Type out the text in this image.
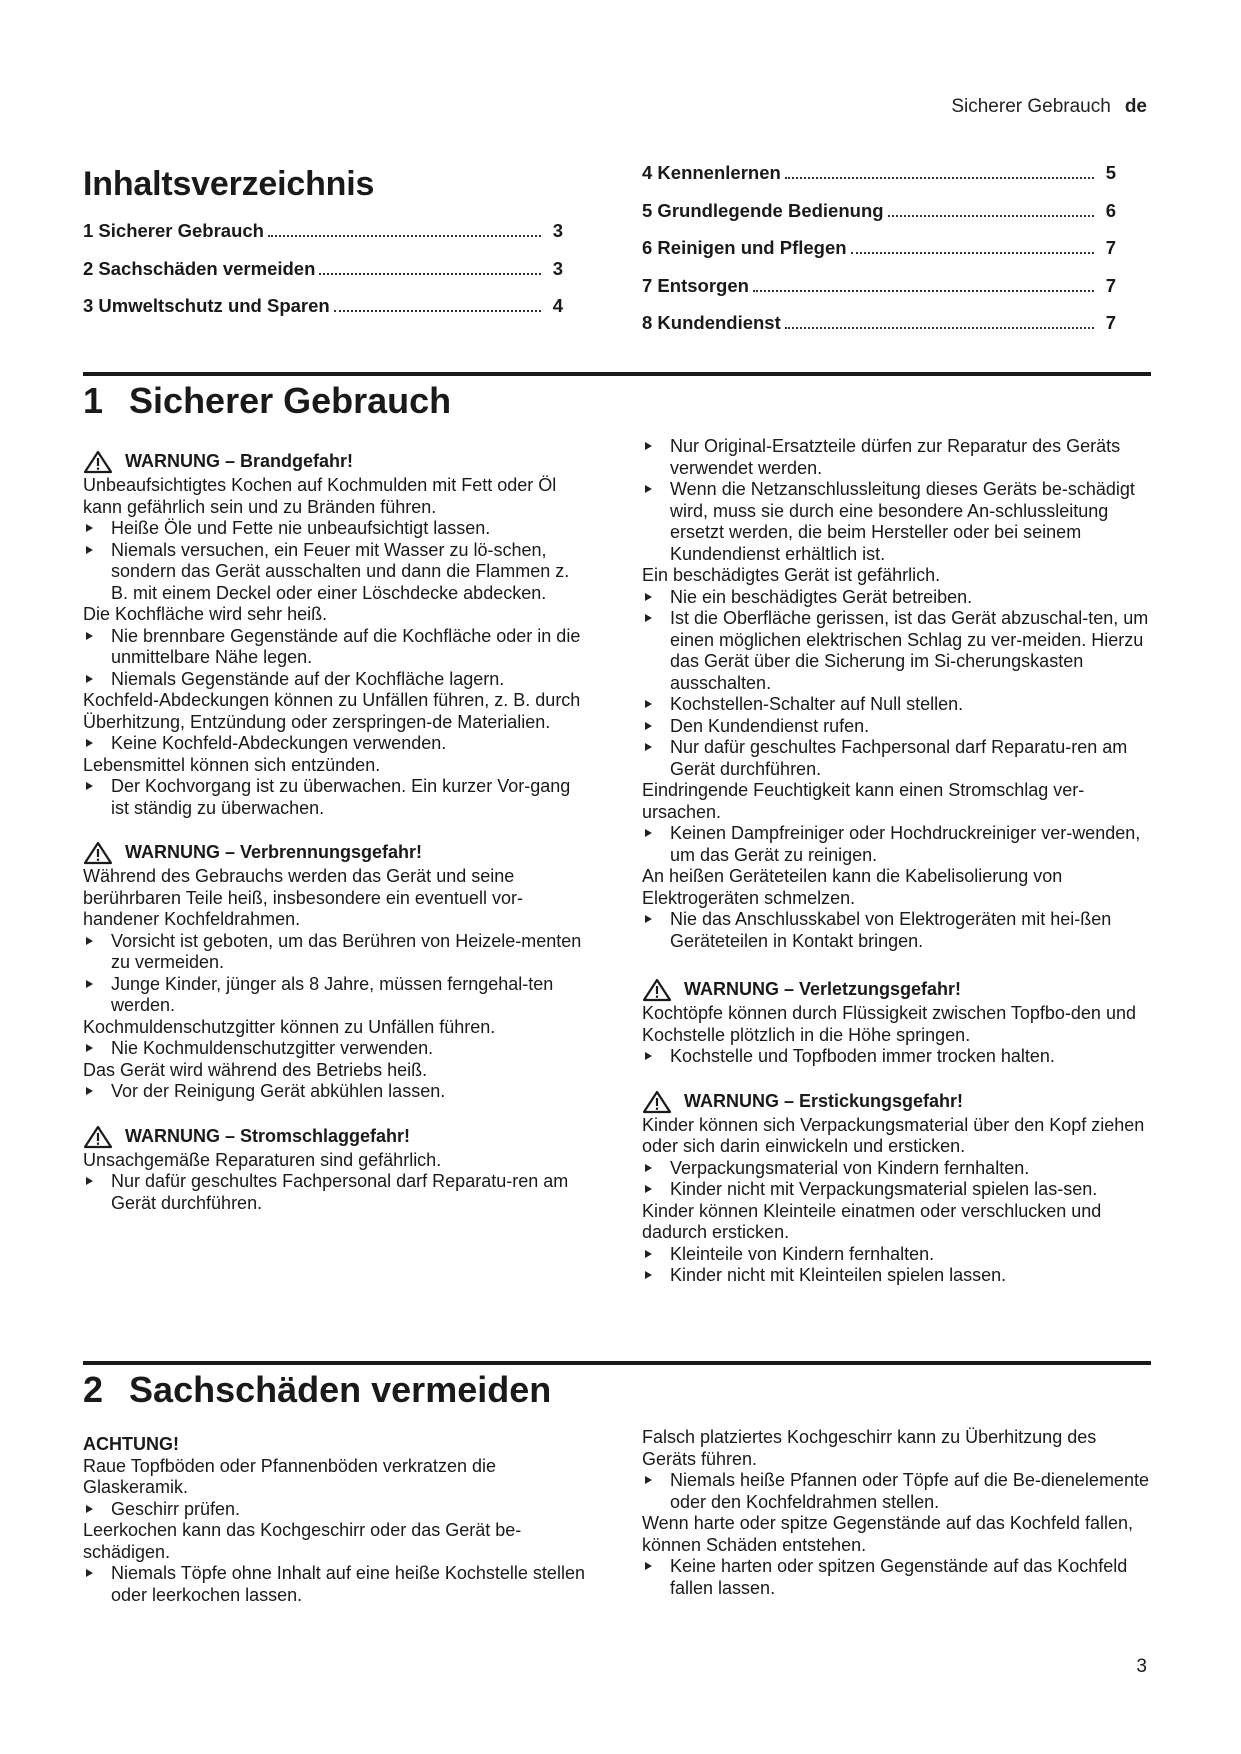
Sicherer Gebrauch de
Inhaltsverzeichnis
1 Sicherer Gebrauch	3
2 Sachschäden vermeiden	3
3 Umweltschutz und Sparen	4
4 Kennenlernen	5
5 Grundlegende Bedienung	6
6 Reinigen und Pflegen	7
7 Entsorgen	7
8 Kundendienst	7
1 Sicherer Gebrauch
WARNUNG – Brandgefahr!

Unbeaufsichtigtes Kochen auf Kochmulden mit Fett oder Öl kann gefährlich sein und zu Bränden führen.

Heiße Öle und Fette nie unbeaufsichtigt lassen.

Niemals versuchen, ein Feuer mit Wasser zu lö-schen, sondern das Gerät ausschalten und dann die Flammen z. B. mit einem Deckel oder einer Löschdecke abdecken.

Die Kochfläche wird sehr heiß.

Nie brennbare Gegenstände auf die Kochfläche oder in die unmittelbare Nähe legen.

Niemals Gegenstände auf der Kochfläche lagern.

Kochfeld-Abdeckungen können zu Unfällen führen, z. B. durch Überhitzung, Entzündung oder zerspringen-de Materialien.

Keine Kochfeld-Abdeckungen verwenden.

Lebensmittel können sich entzünden.

Der Kochvorgang ist zu überwachen. Ein kurzer Vor-gang ist ständig zu überwachen.

WARNUNG – Verbrennungsgefahr!

Während des Gebrauchs werden das Gerät und seine berührbaren Teile heiß, insbesondere ein eventuell vor-handener Kochfeldrahmen.

Vorsicht ist geboten, um das Berühren von Heizele-menten zu vermeiden.

Junge Kinder, jünger als 8 Jahre, müssen ferngehal-ten werden.

Kochmuldenschutzgitter können zu Unfällen führen.

Nie Kochmuldenschutzgitter verwenden.

Das Gerät wird während des Betriebs heiß.

Vor der Reinigung Gerät abkühlen lassen.

WARNUNG – Stromschlaggefahr!

Unsachgemäße Reparaturen sind gefährlich.

Nur dafür geschultes Fachpersonal darf Reparatu-ren am Gerät durchführen.

Nur Original-Ersatzteile dürfen zur Reparatur des Geräts verwendet werden.

Wenn die Netzanschlussleitung dieses Geräts be-schädigt wird, muss sie durch eine besondere An-schlussleitung ersetzt werden, die beim Hersteller oder bei seinem Kundendienst erhältlich ist.

Ein beschädigtes Gerät ist gefährlich.

Nie ein beschädigtes Gerät betreiben.

Ist die Oberfläche gerissen, ist das Gerät abzuschal-ten, um einen möglichen elektrischen Schlag zu ver-meiden. Hierzu das Gerät über die Sicherung im Si-cherungskasten ausschalten.

Kochstellen-Schalter auf Null stellen.

Den Kundendienst rufen.

Nur dafür geschultes Fachpersonal darf Reparatu-ren am Gerät durchführen.

Eindringende Feuchtigkeit kann einen Stromschlag ver-ursachen.

Keinen Dampfreiniger oder Hochdruckreiniger ver-wenden, um das Gerät zu reinigen.

An heißen Geräteteilen kann die Kabelisolierung von Elektrogeräten schmelzen.

Nie das Anschlusskabel von Elektrogeräten mit hei-ßen Geräteteilen in Kontakt bringen.

WARNUNG – Verletzungsgefahr!

Kochtöpfe können durch Flüssigkeit zwischen Topfbo-den und Kochstelle plötzlich in die Höhe springen.

Kochstelle und Topfboden immer trocken halten.

WARNUNG – Erstickungsgefahr!

Kinder können sich Verpackungsmaterial über den Kopf ziehen oder sich darin einwickeln und ersticken.

Verpackungsmaterial von Kindern fernhalten.

Kinder nicht mit Verpackungsmaterial spielen las-sen.

Kinder können Kleinteile einatmen oder verschlucken und dadurch ersticken.

Kleinteile von Kindern fernhalten.

Kinder nicht mit Kleinteilen spielen lassen.

2 Sachschäden vermeiden

ACHTUNG!

Raue Topfböden oder Pfannenböden verkratzen die Glaskeramik.

Geschirr prüfen.

Leerkochen kann das Kochgeschirr oder das Gerät be-schädigen.

Niemals Töpfe ohne Inhalt auf eine heiße Kochstelle stellen oder leerkochen lassen.

Falsch platziertes Kochgeschirr kann zu Überhitzung des Geräts führen.

Niemals heiße Pfannen oder Töpfe auf die Be-dienelemente oder den Kochfeldrahmen stellen.

Wenn harte oder spitze Gegenstände auf das Kochfeld fallen, können Schäden entstehen.

Keine harten oder spitzen Gegenstände auf das Kochfeld fallen lassen.

3
